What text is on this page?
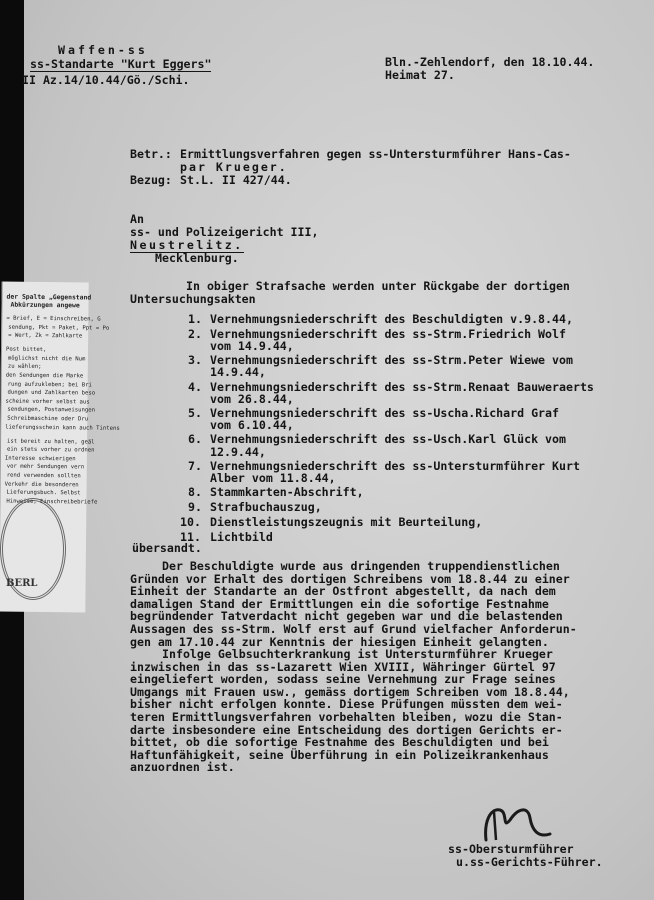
der Spalte „Gegenstand
Abkürzungen angewe
= Brief, E = Einschreiben, G
sendung, Pkt = Paket, Ppt = Po
= Wert, Zk = Zahlkarte
Post bittet,
möglichst nicht die Num
zu wählen;
den Sendungen die Marke
rung aufzukleben; bei Bri
dungen und Zahlkarten beso
scheine vorher selbst aus
sendungen, Postanweisungen
Schreibmaschine oder Dru
lieferungsschein kann auch Tintens
ist bereit zu halten, geäl
ein stets vorher zu ordnen
Interesse schwierigen
vor mehr Sendungen vern
rend verwenden sollten
Verkehr die besonderen
Lieferungsbuch. Selbst
Hinweise, Einschreibebriefe
BERL
Waffen-ss
ss-Standarte "Kurt Eggers"
II Az.14/10.44/Gö./Schi.
Bln.-Zehlendorf, den 18.10.44.
Heimat 27.
Betr.: Ermittlungsverfahren gegen ss-Untersturmführer Hans-Cas-
par Krueger.
Bezug: St.L. II 427/44.
An
ss- und Polizeigericht III,
Neustrelitz.
Mecklenburg.
In obiger Strafsache werden unter Rückgabe der dortigen
Untersuchungsakten
1. Vernehmungsniederschrift des Beschuldigten v.9.8.44,
2. Vernehmungsniederschrift des ss-Strm.Friedrich Wolf
vom 14.9.44,
3. Vernehmungsniederschrift des ss-Strm.Peter Wiewe vom
14.9.44,
4. Vernehmungsniederschrift des ss-Strm.Renaat Bauweraerts
vom 26.8.44,
5. Vernehmungsniederschrift des ss-Uscha.Richard Graf
vom 6.10.44,
6. Vernehmungsniederschrift des ss-Usch.Karl Glück vom
12.9.44,
7. Vernehmungsniederschrift des ss-Untersturmführer Kurt
Alber vom 11.8.44,
8. Stammkarten-Abschrift,
9. Strafbuchauszug,
10. Dienstleistungszeugnis mit Beurteilung,
11. Lichtbild
übersandt.
Der Beschuldigte wurde aus dringenden truppendienstlichen
Gründen vor Erhalt des dortigen Schreibens vom 18.8.44 zu einer
Einheit der Standarte an der Ostfront abgestellt, da nach dem
damaligen Stand der Ermittlungen ein die sofortige Festnahme
begründender Tatverdacht nicht gegeben war und die belastenden
Aussagen des ss-Strm. Wolf erst auf Grund vielfacher Anforderun-
gen am 17.10.44 zur Kenntnis der hiesigen Einheit gelangten.
Infolge Gelbsuchterkrankung ist Untersturmführer Krueger
inzwischen in das ss-Lazarett Wien XVIII, Währinger Gürtel 97
eingeliefert worden, sodass seine Vernehmung zur Frage seines
Umgangs mit Frauen usw., gemäss dortigem Schreiben vom 18.8.44,
bisher nicht erfolgen konnte. Diese Prüfungen müssten dem wei-
teren Ermittlungsverfahren vorbehalten bleiben, wozu die Stan-
darte insbesondere eine Entscheidung des dortigen Gerichts er-
bittet, ob die sofortige Festnahme des Beschuldigten und bei
Haftunfähigkeit, seine Überführung in ein Polizeikrankenhaus
anzuordnen ist.
ss-Obersturmführer
u.ss-Gerichts-Führer.
